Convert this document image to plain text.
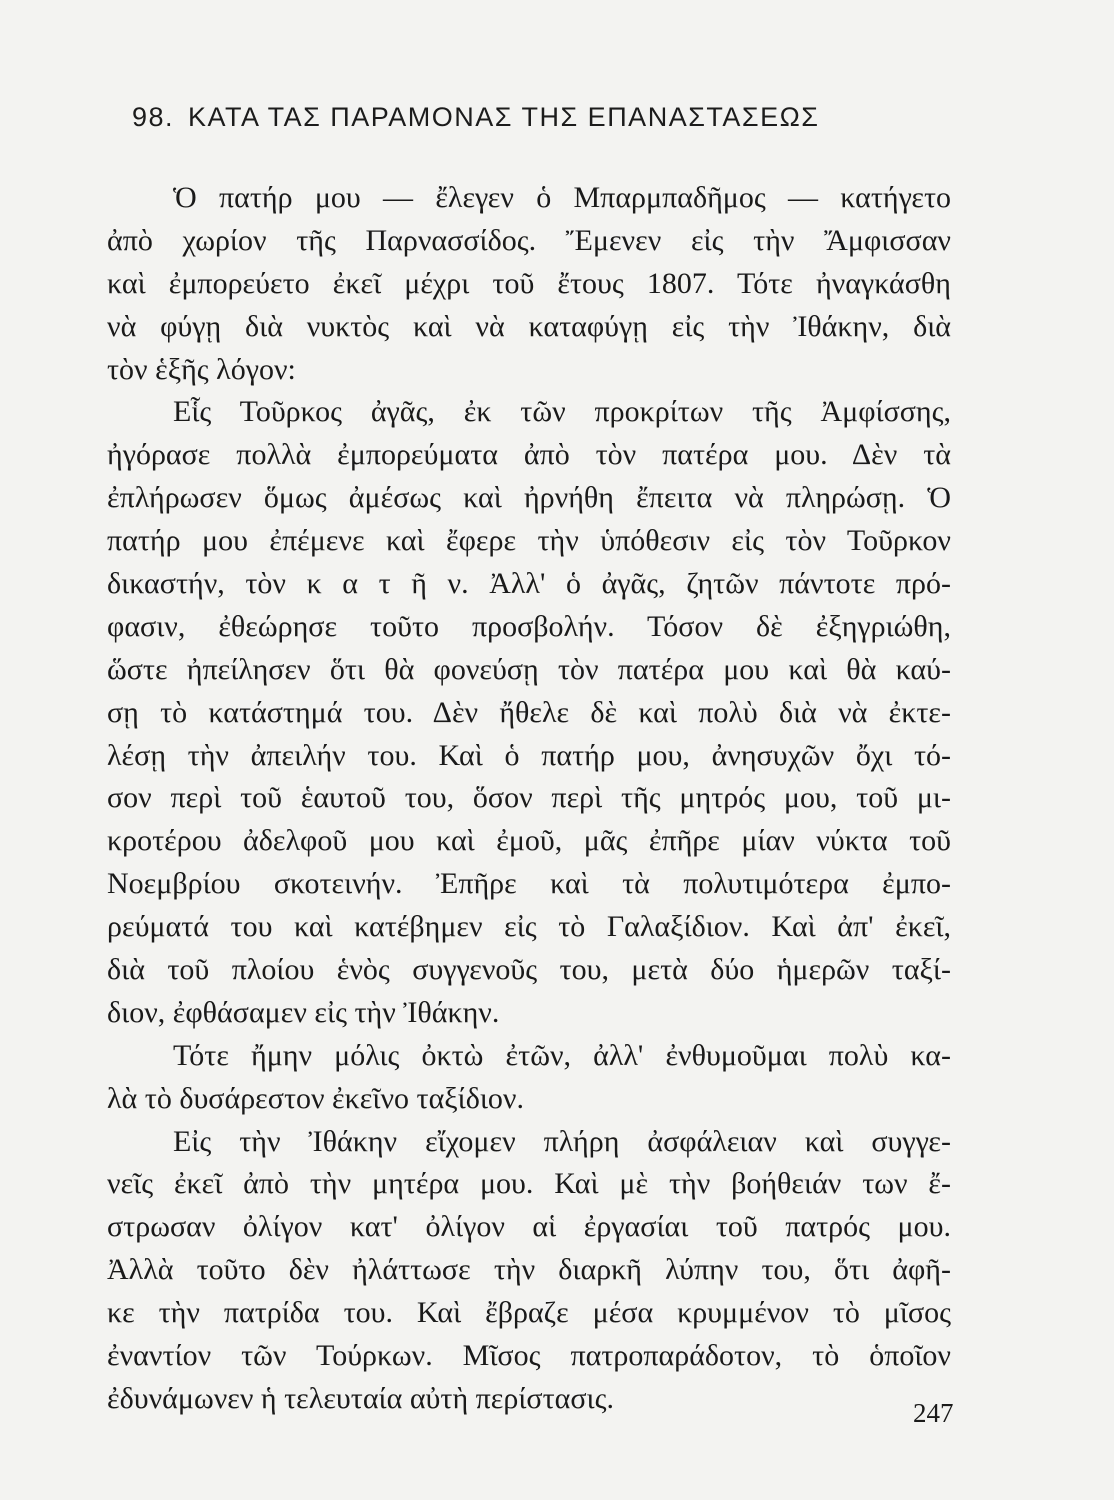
98. ΚΑΤΑ ΤΑΣ ΠΑΡΑΜΟΝΑΣ ΤΗΣ ΕΠΑΝΑΣΤΑΣΕΩΣ
Ὁ πατήρ μου — ἔλεγεν ὁ Μπαρμπαδῆμος — κατήγετο
ἀπὸ χωρίον τῆς Παρνασσίδος. Ἔμενεν εἰς τὴν Ἄμφισσαν
καὶ ἐμπορεύετο ἐκεῖ μέχρι τοῦ ἔτους 1807. Τότε ἠναγκάσθη
νὰ φύγῃ διὰ νυκτὸς καὶ νὰ καταφύγῃ εἰς τὴν Ἰθάκην, διὰ
τὸν ἑξῆς λόγον:
Εἷς Τοῦρκος ἀγᾶς, ἐκ τῶν προκρίτων τῆς Ἀμφίσσης,
ἠγόρασε πολλὰ ἐμπορεύματα ἀπὸ τὸν πατέρα μου. Δὲν τὰ
ἐπλήρωσεν ὅμως ἀμέσως καὶ ἠρνήθη ἔπειτα νὰ πληρώσῃ. Ὁ
πατήρ μου ἐπέμενε καὶ ἔφερε τὴν ὑπόθεσιν εἰς τὸν Τοῦρκον
δικαστήν, τὸν κ α τ ῆ ν. Ἀλλ' ὁ ἀγᾶς, ζητῶν πάντοτε πρό-
φασιν, ἐθεώρησε τοῦτο προσβολήν. Τόσον δὲ ἐξηγριώθη,
ὥστε ἠπείλησεν ὅτι θὰ φονεύσῃ τὸν πατέρα μου καὶ θὰ καύ-
σῃ τὸ κατάστημά του. Δὲν ἤθελε δὲ καὶ πολὺ διὰ νὰ ἐκτε-
λέσῃ τὴν ἀπειλήν του. Καὶ ὁ πατήρ μου, ἀνησυχῶν ὄχι τό-
σον περὶ τοῦ ἑαυτοῦ του, ὅσον περὶ τῆς μητρός μου, τοῦ μι-
κροτέρου ἀδελφοῦ μου καὶ ἐμοῦ, μᾶς ἐπῆρε μίαν νύκτα τοῦ
Νοεμβρίου σκοτεινήν. Ἐπῆρε καὶ τὰ πολυτιμότερα ἐμπο-
ρεύματά του καὶ κατέβημεν εἰς τὸ Γαλαξίδιον. Καὶ ἀπ' ἐκεῖ,
διὰ τοῦ πλοίου ἑνὸς συγγενοῦς του, μετὰ δύο ἡμερῶν ταξί-
διον, ἐφθάσαμεν εἰς τὴν Ἰθάκην.
Τότε ἤμην μόλις ὀκτὼ ἐτῶν, ἀλλ' ἐνθυμοῦμαι πολὺ κα-
λὰ τὸ δυσάρεστον ἐκεῖνο ταξίδιον.
Εἰς τὴν Ἰθάκην εἴχομεν πλήρη ἀσφάλειαν καὶ συγγε-
νεῖς ἐκεῖ ἀπὸ τὴν μητέρα μου. Καὶ μὲ τὴν βοήθειάν των ἔ-
στρωσαν ὀλίγον κατ' ὀλίγον αἱ ἐργασίαι τοῦ πατρός μου.
Ἀλλὰ τοῦτο δὲν ἠλάττωσε τὴν διαρκῆ λύπην του, ὅτι ἀφῆ-
κε τὴν πατρίδα του. Καὶ ἔβραζε μέσα κρυμμένον τὸ μῖσος
ἐναντίον τῶν Τούρκων. Μῖσος πατροπαράδοτον, τὸ ὁποῖον
ἐδυνάμωνεν ἡ τελευταία αὐτὴ περίστασις.	247
